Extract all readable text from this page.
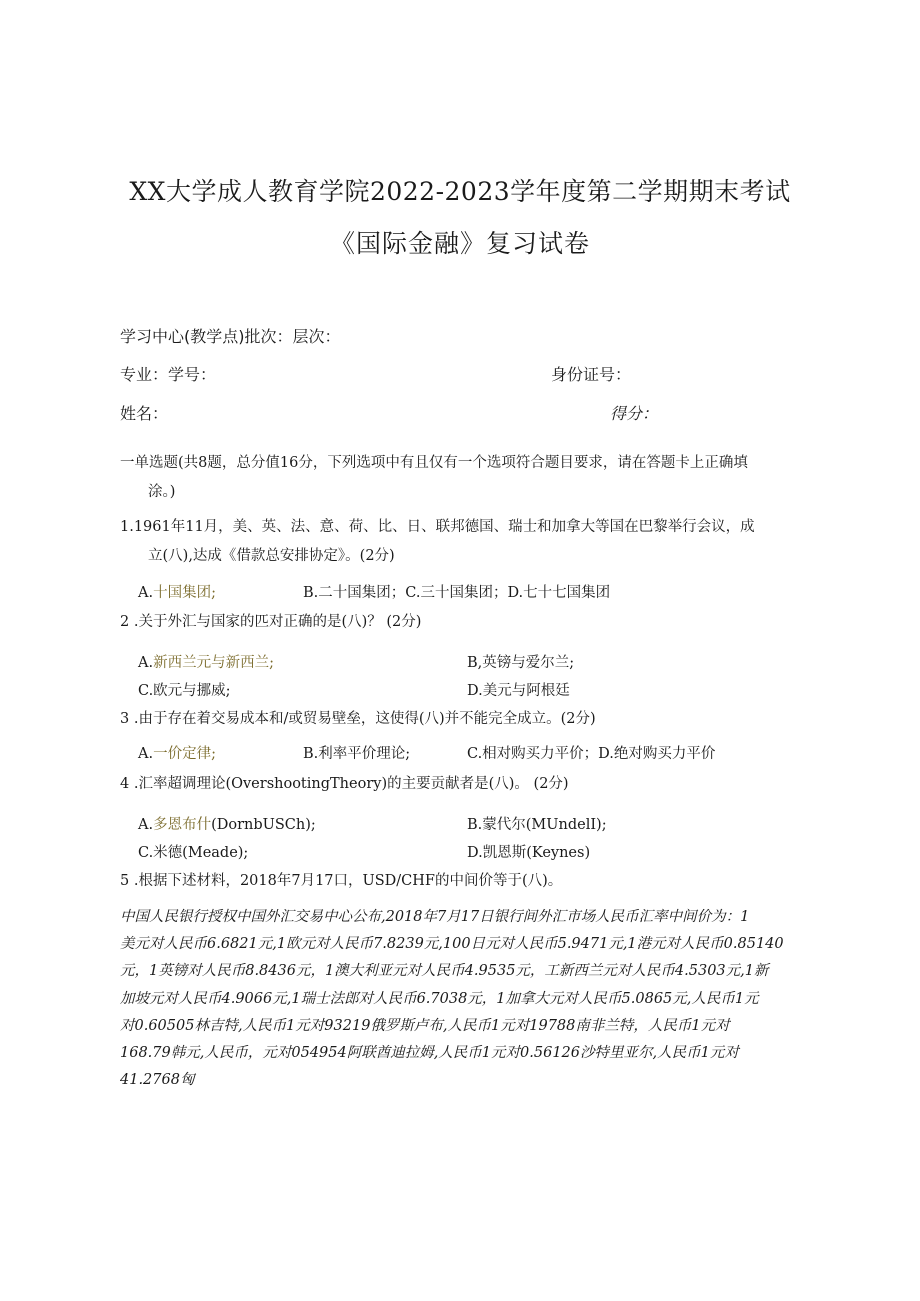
XX大学成人教育学院2022-2023学年度第二学期期末考试
《国际金融》复习试卷
学习中心(教学点)批次：层次：
专业：学号：	身份证号：
姓名：	得分：
一单选题(共8题，总分值16分，下列选项中有且仅有一个选项符合题目要求，请在答题卡上正确填
涂。)
1.1961年11月，美、英、法、意、荷、比、日、联邦德国、瑞士和加拿大等国在巴黎举行会议，成
立(八),达成《借款总安排协定》。(2分)
A.十国集团;	B.二十国集团；C.三十国集团；D.七十七国集团
2 .关于外汇与国家的匹对正确的是(八)？ (2分)
A.新西兰元与新西兰;	B,英镑与爱尔兰;
C.欧元与挪威;	D.美元与阿根廷
3 .由于存在着交易成本和/或贸易壁垒，这使得(八)并不能完全成立。(2分)
A.一价定律;	B.利率平价理论;	C.相对购买力平价；D.绝对购买力平价
4 .汇率超调理论(OvershootingTheory)的主要贡献者是(八)。 (2分)
A.多恩布什(DornbUSCh);	B.蒙代尔(MUndelI);
C.米德(Meade);	D.凯恩斯(Keynes)
5 .根据下述材料，2018年7月17口，USD/CHF的中间价等于(八)。
中国人民银行授权中国外汇交易中心公布,2018年7月17日银行间外汇市场人民币汇率中间价为：1
美元对人民币6.6821元,1欧元对人民币7.8239元,100日元对人民币5.9471元,1港元对人民币0.85140
元，1英镑对人民币8.8436元，1澳大利亚元对人民币4.9535元，工新西兰元对人民币4.5303元,1新
加坡元对人民币4.9066元,1瑞士法郎对人民币6.7038元，1加拿大元对人民币5.0865元,人民币1元
对0.60505林吉特,人民币1元对93219俄罗斯卢布,人民币1元对19788南非兰特，人民币1元对
168.79韩元,人民币，元对054954阿联酋迪拉姆,人民币1元对0.56126沙特里亚尔,人民币1元对
41.2768匈
